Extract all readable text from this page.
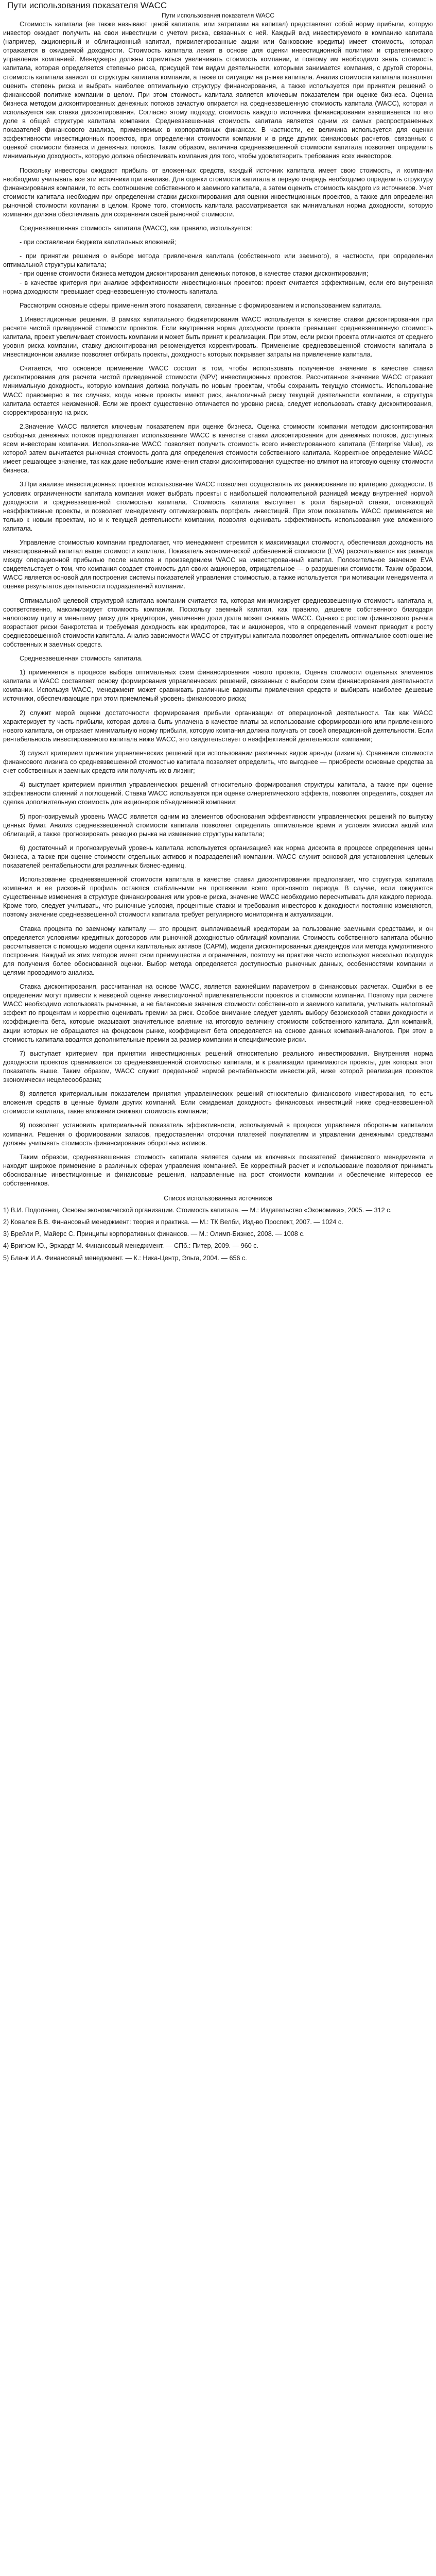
Пути использования показателя WACC
Пути использования показателя WACC

Стоимость капитала (ее также называют ценой капитала, или затратами на капитал) представляет собой норму прибыли, которую инвестор ожидает получить на свои инвестиции с учетом риска, связанных с ней. Каждый вид инвестируемого в компанию капитала (например, акционерный и облигационный капитал, привилегированные акции или банковские кредиты) имеет стоимость, которая отражается в ожидаемой доходности. Стоимость капитала лежит в основе для оценки инвестиционной политики и стратегического управления компанией. Менеджеры должны стремиться увеличивать стоимость компании, и поэтому им необходимо знать стоимость капитала, которая определяется степенью риска, присущей тем видам деятельности, которыми занимается компания, с другой стороны, стоимость капитала зависит от структуры капитала компании, а также от ситуации на рынке капитала. Анализ стоимости капитала позволяет оценить степень риска и выбрать наиболее оптимальную структуру финансирования, а также используется при принятии решений о финансовой политике компании в целом. При этом стоимость капитала является ключевым показателем при оценке бизнеса. Оценка бизнеса методом дисконтированных денежных потоков зачастую опирается на средневзвешенную стоимость капитала (WACC), которая и используется как ставка дисконтирования. Согласно этому подходу, стоимость каждого источника финансирования взвешивается по его доле в общей структуре капитала компании. Средневзвешенная стоимость капитала является одним из самых распространенных показателей финансового анализа, применяемых в корпоративных финансах. В частности, ее величина используется для оценки эффективности инвестиционных проектов, при определении стоимости компании и в ряде других финансовых расчетов, связанных с оценкой стоимости бизнеса и денежных потоков. Таким образом, величина средневзвешенной стоимости капитала позволяет определить минимальную доходность, которую должна обеспечивать компания для того, чтобы удовлетворить требования всех инвесторов.

Поскольку инвесторы ожидают прибыль от вложенных средств, каждый источник капитала имеет свою стоимость, и компании необходимо учитывать все эти источники при анализе. Для оценки стоимости капитала в первую очередь необходимо определить структуру финансирования компании, то есть соотношение собственного и заемного капитала, а затем оценить стоимость каждого из источников. Учет стоимости капитала необходим при определении ставки дисконтирования для оценки инвестиционных проектов, а также для определения рыночной стоимости компании в целом. Кроме того, стоимость капитала рассматривается как минимальная норма доходности, которую компания должна обеспечивать для сохранения своей рыночной стоимости.

Средневзвешенная стоимость капитала (WACC), как правило, используется:

- при составлении бюджета капитальных вложений;

- при принятии решения о выборе метода привлечения капитала (собственного или заемного), в частности, при определении оптимальной структуры капитала;

- при оценке стоимости бизнеса методом дисконтирования денежных потоков, в качестве ставки дисконтирования;

- в качестве критерия при анализе эффективности инвестиционных проектов: проект считается эффективным, если его внутренняя норма доходности превышает средневзвешенную стоимость капитала.

Рассмотрим основные сферы применения этого показателя, связанные с формированием и использованием капитала.

1.Инвестиционные решения. В рамках капитального бюджетирования WACC используется в качестве ставки дисконтирования при расчете чистой приведенной стоимости проектов. Если внутренняя норма доходности проекта превышает средневзвешенную стоимость капитала, проект увеличивает стоимость компании и может быть принят к реализации. При этом, если риски проекта отличаются от среднего уровня риска компании, ставку дисконтирования рекомендуется корректировать. Применение средневзвешенной стоимости капитала в инвестиционном анализе позволяет отбирать проекты, доходность которых покрывает затраты на привлечение капитала.

Считается, что основное применение WACC состоит в том, чтобы использовать полученное значение в качестве ставки дисконтирования для расчета чистой приведенной стоимости (NPV) инвестиционных проектов. Рассчитанное значение WACC отражает минимальную доходность, которую компания должна получать по новым проектам, чтобы сохранить текущую стоимость. Использование WACC правомерно в тех случаях, когда новые проекты имеют риск, аналогичный риску текущей деятельности компании, а структура капитала остается неизменной. Если же проект существенно отличается по уровню риска, следует использовать ставку дисконтирования, скорректированную на риск.

2.Значение WACC является ключевым показателем при оценке бизнеса. Оценка стоимости компании методом дисконтирования свободных денежных потоков предполагает использование WACC в качестве ставки дисконтирования для денежных потоков, доступных всем инвесторам компании. Использование WACC позволяет получить стоимость всего инвестированного капитала (Enterprise Value), из которой затем вычитается рыночная стоимость долга для определения стоимости собственного капитала. Корректное определение WACC имеет решающее значение, так как даже небольшие изменения ставки дисконтирования существенно влияют на итоговую оценку стоимости бизнеса.

3.При анализе инвестиционных проектов использование WACC позволяет осуществлять их ранжирование по критерию доходности. В условиях ограниченности капитала компания может выбрать проекты с наибольшей положительной разницей между внутренней нормой доходности и средневзвешенной стоимостью капитала. Стоимость капитала выступает в роли барьерной ставки, отсекающей неэффективные проекты, и позволяет менеджменту оптимизировать портфель инвестиций. При этом показатель WACC применяется не только к новым проектам, но и к текущей деятельности компании, позволяя оценивать эффективность использования уже вложенного капитала.

Управление стоимостью компании предполагает, что менеджмент стремится к максимизации стоимости, обеспечивая доходность на инвестированный капитал выше стоимости капитала. Показатель экономической добавленной стоимости (EVA) рассчитывается как разница между операционной прибылью после налогов и произведением WACC на инвестированный капитал. Положительное значение EVA свидетельствует о том, что компания создает стоимость для своих акционеров, отрицательное — о разрушении стоимости. Таким образом, WACC является основой для построения системы показателей управления стоимостью, а также используется при мотивации менеджмента и оценке результатов деятельности подразделений компании.

Оптимальной целевой структурой капитала компании считается та, которая минимизирует средневзвешенную стоимость капитала и, соответственно, максимизирует стоимость компании. Поскольку заемный капитал, как правило, дешевле собственного благодаря налоговому щиту и меньшему риску для кредиторов, увеличение доли долга может снижать WACC. Однако с ростом финансового рычага возрастают риски банкротства и требуемая доходность как кредиторов, так и акционеров, что в определенный момент приводит к росту средневзвешенной стоимости капитала. Анализ зависимости WACC от структуры капитала позволяет определить оптимальное соотношение собственных и заемных средств.

Средневзвешенная стоимость капитала.

1) применяется в процессе выбора оптимальных схем финансирования нового проекта. Оценка стоимости отдельных элементов капитала и WACC составляет основу формирования управленческих решений, связанных с выбором схем финансирования деятельности компании. Используя WACC, менеджмент может сравнивать различные варианты привлечения средств и выбирать наиболее дешевые источники, обеспечивающие при этом приемлемый уровень финансового риска;

2) служит мерой оценки достаточности формирования прибыли организации от операционной деятельности. Так как WACC характеризует ту часть прибыли, которая должна быть уплачена в качестве платы за использование сформированного или привлеченного нового капитала, он отражает минимальную норму прибыли, которую компания должна получать от своей операционной деятельности. Если рентабельность инвестированного капитала ниже WACC, это свидетельствует о неэффективной деятельности компании;

3) служит критерием принятия управленческих решений при использовании различных видов аренды (лизинга). Сравнение стоимости финансового лизинга со средневзвешенной стоимостью капитала позволяет определить, что выгоднее — приобрести основные средства за счет собственных и заемных средств или получить их в лизинг;

4) выступает критерием принятия управленческих решений относительно формирования структуры капитала, а также при оценке эффективности слияний и поглощений. Ставка WACC используется при оценке синергетического эффекта, позволяя определить, создает ли сделка дополнительную стоимость для акционеров объединенной компании;

5) прогнозируемый уровень WACC является одним из элементов обоснования эффективности управленческих решений по выпуску ценных бумаг. Анализ средневзвешенной стоимости капитала позволяет определить оптимальное время и условия эмиссии акций или облигаций, а также прогнозировать реакцию рынка на изменение структуры капитала;

6) достаточный и прогнозируемый уровень капитала используется организацией как норма дисконта в процессе определения цены бизнеса, а также при оценке стоимости отдельных активов и подразделений компании. WACC служит основой для установления целевых показателей рентабельности для различных бизнес-единиц.

Использование средневзвешенной стоимости капитала в качестве ставки дисконтирования предполагает, что структура капитала компании и ее рисковый профиль остаются стабильными на протяжении всего прогнозного периода. В случае, если ожидаются существенные изменения в структуре финансирования или уровне риска, значение WACC необходимо пересчитывать для каждого периода. Кроме того, следует учитывать, что рыночные условия, процентные ставки и требования инвесторов к доходности постоянно изменяются, поэтому значение средневзвешенной стоимости капитала требует регулярного мониторинга и актуализации.

Ставка процента по заемному капиталу — это процент, выплачиваемый кредиторам за пользование заемными средствами, и он определяется условиями кредитных договоров или рыночной доходностью облигаций компании. Стоимость собственного капитала обычно рассчитывается с помощью модели оценки капитальных активов (CAPM), модели дисконтированных дивидендов или метода кумулятивного построения. Каждый из этих методов имеет свои преимущества и ограничения, поэтому на практике часто используют несколько подходов для получения более обоснованной оценки. Выбор метода определяется доступностью рыночных данных, особенностями компании и целями проводимого анализа.

Ставка дисконтирования, рассчитанная на основе WACC, является важнейшим параметром в финансовых расчетах. Ошибки в ее определении могут привести к неверной оценке инвестиционной привлекательности проектов и стоимости компании. Поэтому при расчете WACC необходимо использовать рыночные, а не балансовые значения стоимости собственного и заемного капитала, учитывать налоговый эффект по процентам и корректно оценивать премии за риск. Особое внимание следует уделять выбору безрисковой ставки доходности и коэффициента бета, которые оказывают значительное влияние на итоговую величину стоимости собственного капитала. Для компаний, акции которых не обращаются на фондовом рынке, коэффициент бета определяется на основе данных компаний-аналогов. При этом в стоимость капитала вводятся дополнительные премии за размер компании и специфические риски.

7) выступает критерием при принятии инвестиционных решений относительно реального инвестирования. Внутренняя норма доходности проектов сравнивается со средневзвешенной стоимостью капитала, и к реализации принимаются проекты, для которых этот показатель выше. Таким образом, WACC служит предельной нормой рентабельности инвестиций, ниже которой реализация проектов экономически нецелесообразна;

8) является критериальным показателем принятия управленческих решений относительно финансового инвестирования, то есть вложения средств в ценные бумаги других компаний. Если ожидаемая доходность финансовых инвестиций ниже средневзвешенной стоимости капитала, такие вложения снижают стоимость компании;

9) позволяет установить критериальный показатель эффективности, используемый в процессе управления оборотным капиталом компании. Решения о формировании запасов, предоставлении отсрочки платежей покупателям и управлении денежными средствами должны учитывать стоимость финансирования оборотных активов.

Таким образом, средневзвешенная стоимость капитала является одним из ключевых показателей финансового менеджмента и находит широкое применение в различных сферах управления компанией. Ее корректный расчет и использование позволяют принимать обоснованные инвестиционные и финансовые решения, направленные на рост стоимости компании и обеспечение интересов ее собственников.

Список использованных источников

1) В.И. Подолянец. Основы экономической организации. Стоимость капитала. — М.: Издательство «Экономика», 2005. — 312 с.

2) Ковалев В.В. Финансовый менеджмент: теория и практика. — М.: ТК Велби, Изд-во Проспект, 2007. — 1024 с.

3) Брейли Р., Майерс С. Принципы корпоративных финансов. — М.: Олимп-Бизнес, 2008. — 1008 с.

4) Бригхэм Ю., Эрхардт М. Финансовый менеджмент. — СПб.: Питер, 2009. — 960 с.

5) Бланк И.А. Финансовый менеджмент. — К.: Ника-Центр, Эльга, 2004. — 656 с.
